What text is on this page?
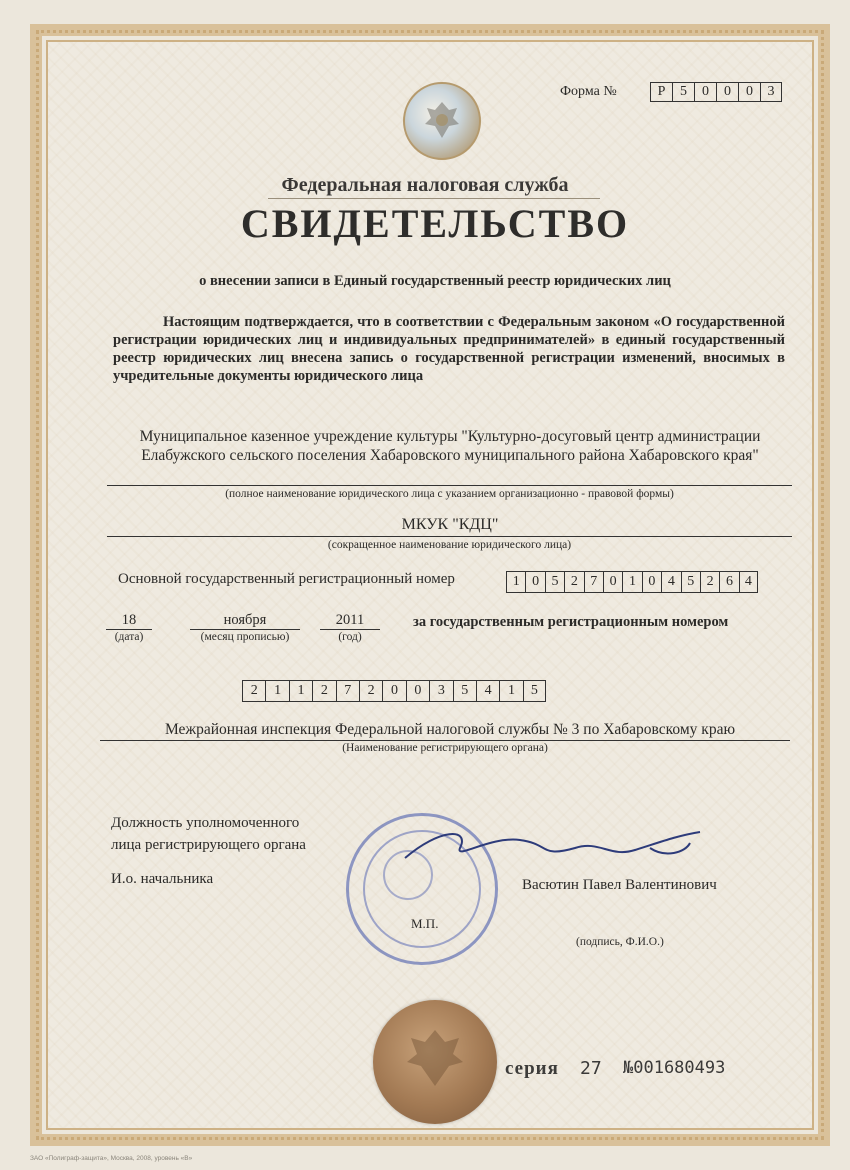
Форма №	Р	5	0	0	0	3
Федеральная налоговая служба
СВИДЕТЕЛЬСТВО
о внесении записи в Единый государственный реестр юридических лиц
Настоящим подтверждается, что в соответствии с Федеральным законом «О государственной регистрации юридических лиц и индивидуальных предпринимателей» в единый государственный реестр юридических лиц внесена запись о государственной регистрации изменений, вносимых в учредительные документы юридического лица
Муниципальное казенное учреждение культуры "Культурно-досуговый центр администрации Елабужского сельского поселения Хабаровского муниципального района Хабаровского края"
(полное наименование юридического лица с указанием организационно - правовой формы)
МКУК "КДЦ"
(сокращенное наименование юридического лица)
Основной государственный регистрационный номер	1 0 5 2 7 0 1 0 4 5 2 6 4
18
(дата)
ноября
(месяц прописью)
2011
(год)
за государственным регистрационным номером
2	1	1	2	7	2	0	0	3	5	4	1	5
Межрайонная инспекция Федеральной налоговой службы № 3 по Хабаровскому краю
(Наименование регистрирующего органа)
Должность уполномоченного
лица регистрирующего органа
И.о. начальника	Васютин Павел Валентинович
М.П.
(подпись, Ф.И.О.)
серия 27 №001680493
ЗАО «Полиграф-защита», Москва, 2008, уровень «В»
